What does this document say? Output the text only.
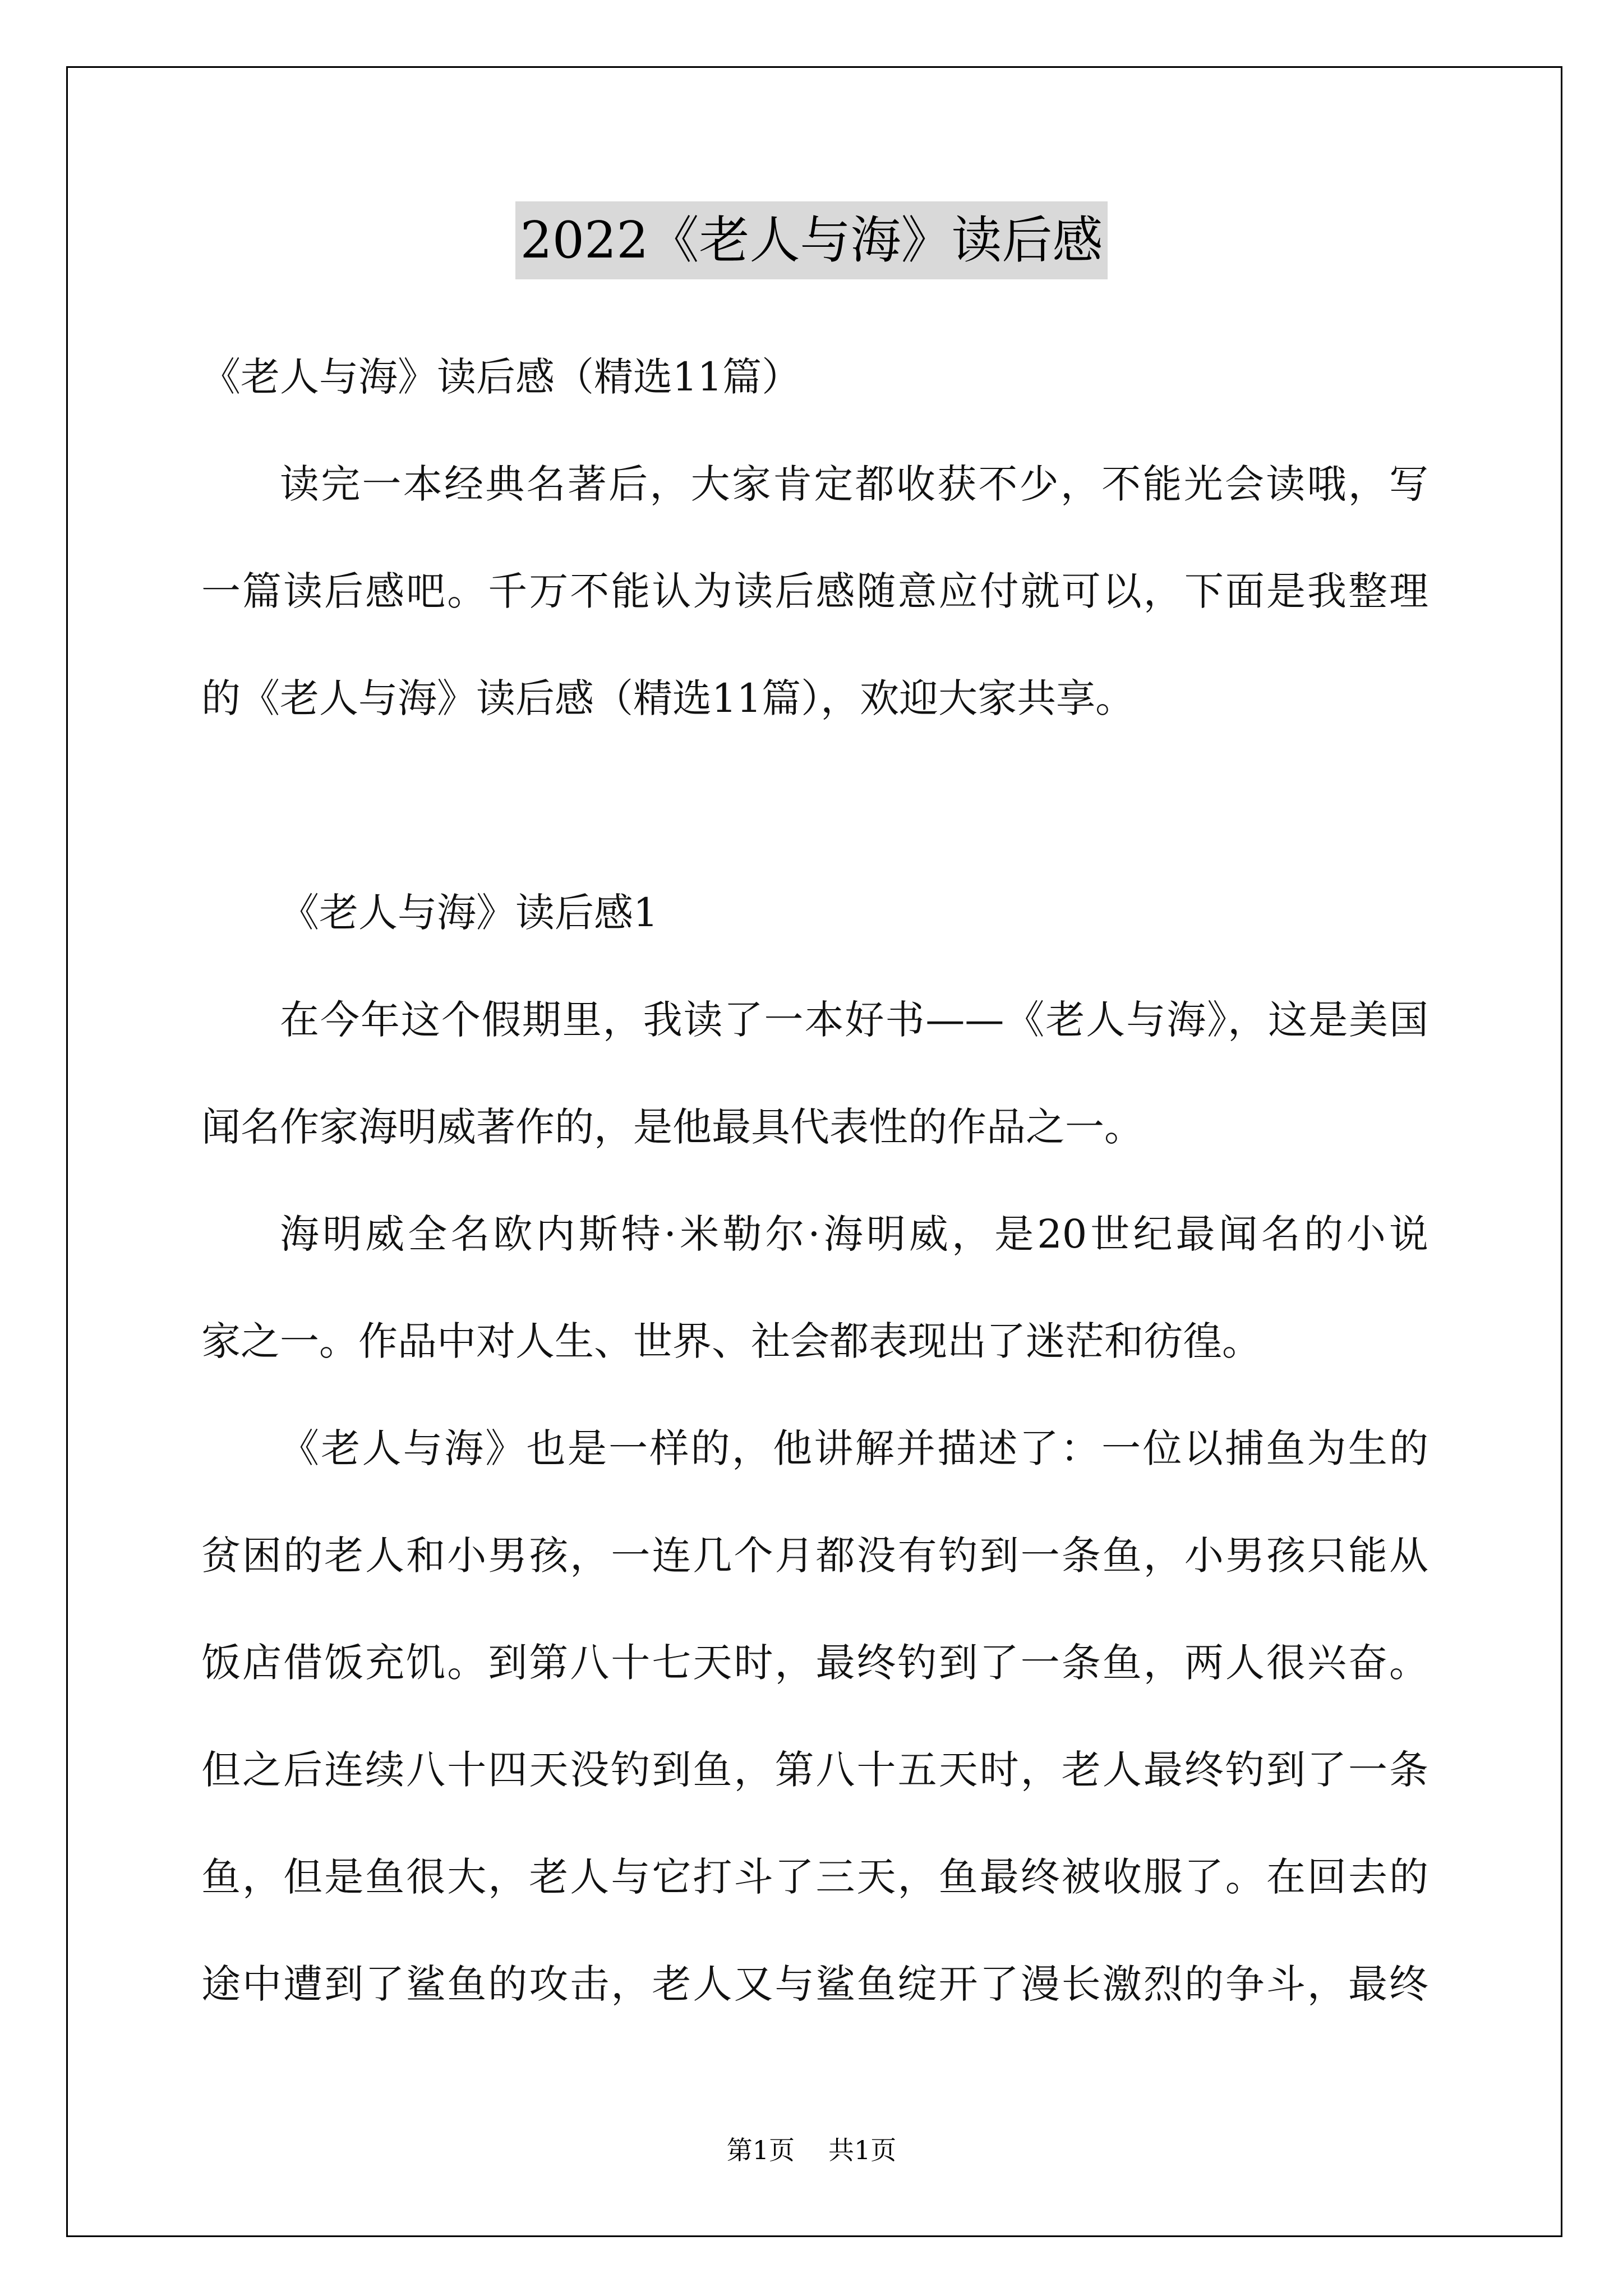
2022《老人与海》读后感
《老人与海》读后感（精选11篇）
读完一本经典名著后，大家肯定都收获不少，不能光会读哦，写
一篇读后感吧。千万不能认为读后感随意应付就可以，下面是我整理
的《老人与海》读后感（精选11篇），欢迎大家共享。
《老人与海》读后感1
在今年这个假期里，我读了一本好书——《老人与海》，这是美国
闻名作家海明威著作的，是他最具代表性的作品之一。
海明威全名欧内斯特·米勒尔·海明威，是20世纪最闻名的小说
家之一。作品中对人生、世界、社会都表现出了迷茫和彷徨。
《老人与海》也是一样的，他讲解并描述了：一位以捕鱼为生的
贫困的老人和小男孩，一连几个月都没有钓到一条鱼，小男孩只能从
饭店借饭充饥。到第八十七天时，最终钓到了一条鱼，两人很兴奋。
但之后连续八十四天没钓到鱼，第八十五天时，老人最终钓到了一条
鱼，但是鱼很大，老人与它打斗了三天，鱼最终被收服了。在回去的
途中遭到了鲨鱼的攻击，老人又与鲨鱼绽开了漫长激烈的争斗，最终
第1页 共1页
